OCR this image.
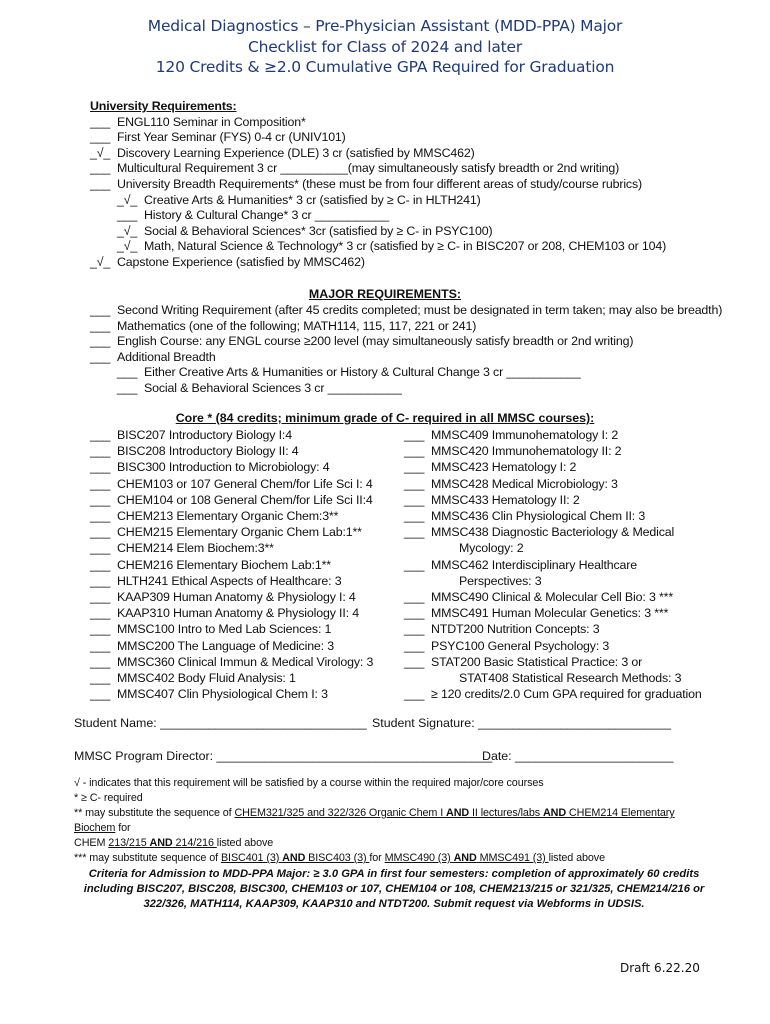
Medical Diagnostics – Pre-Physician Assistant (MDD-PPA) Major
Checklist for Class of 2024 and later
120 Credits & ≥2.0 Cumulative GPA Required for Graduation
University Requirements:
___ ENGL110 Seminar in Composition*
___ First Year Seminar (FYS) 0-4 cr (UNIV101)
_√_ Discovery Learning Experience (DLE) 3 cr (satisfied by MMSC462)
___ Multicultural Requirement 3 cr __________(may simultaneously satisfy breadth or 2nd writing)
___ University Breadth Requirements* (these must be from four different areas of study/course rubrics)
_√_ Creative Arts & Humanities* 3 cr (satisfied by ≥ C- in HLTH241)
___ History & Cultural Change* 3 cr ___________
_√_ Social & Behavioral Sciences* 3cr (satisfied by ≥ C- in PSYC100)
_√_ Math, Natural Science & Technology* 3 cr (satisfied by ≥ C- in BISC207 or 208, CHEM103 or 104)
_√_ Capstone Experience (satisfied by MMSC462)
MAJOR REQUIREMENTS:
___ Second Writing Requirement (after 45 credits completed; must be designated in term taken; may also be breadth)
___ Mathematics (one of the following; MATH114, 115, 117, 221 or 241)
___ English Course: any ENGL course ≥200 level (may simultaneously satisfy breadth or 2nd writing)
___ Additional Breadth
___ Either Creative Arts & Humanities or History & Cultural Change 3 cr ___________
___ Social & Behavioral Sciences 3 cr ___________
Core * (84 credits; minimum grade of C- required in all MMSC courses):
___ BISC207 Introductory Biology I:4
___ BISC208 Introductory Biology II: 4
___ BISC300 Introduction to Microbiology: 4
___ CHEM103 or 107 General Chem/for Life Sci I: 4
___ CHEM104 or 108 General Chem/for Life Sci II:4
___ CHEM213 Elementary Organic Chem:3**
___ CHEM215 Elementary Organic Chem Lab:1**
___ CHEM214 Elem Biochem:3**
___ CHEM216 Elementary Biochem Lab:1**
___ HLTH241 Ethical Aspects of Healthcare: 3
___ KAAP309 Human Anatomy & Physiology I: 4
___ KAAP310 Human Anatomy & Physiology II: 4
___ MMSC100 Intro to Med Lab Sciences: 1
___ MMSC200 The Language of Medicine: 3
___ MMSC360 Clinical Immun & Medical Virology: 3
___ MMSC402 Body Fluid Analysis: 1
___ MMSC407 Clin Physiological Chem I: 3
___ MMSC409 Immunohematology I: 2
___ MMSC420 Immunohematology II: 2
___ MMSC423 Hematology I: 2
___ MMSC428 Medical Microbiology: 3
___ MMSC433 Hematology II: 2
___ MMSC436 Clin Physiological Chem II: 3
___ MMSC438 Diagnostic Bacteriology & Medical
Mycology: 2
___ MMSC462 Interdisciplinary Healthcare
Perspectives: 3
___ MMSC490 Clinical & Molecular Cell Bio: 3 ***
___ MMSC491 Human Molecular Genetics: 3 ***
___ NTDT200 Nutrition Concepts: 3
___ PSYC100 General Psychology: 3
___ STAT200 Basic Statistical Practice: 3 or
STAT408 Statistical Research Methods: 3
___ ≥ 120 credits/2.0 Cum GPA required for graduation
Student Name: ______________________________ Student Signature: ____________________________
MMSC Program Director: ________________________________________
Date: _______________________
√ - indicates that this requirement will be satisfied by a course within the required major/core courses
* ≥ C- required
** may substitute the sequence of CHEM321/325 and 322/326 Organic Chem I AND II lectures/labs AND CHEM214 Elementary Biochem for
CHEM 213/215 AND 214/216 listed above
*** may substitute sequence of BISC401 (3) AND BISC403 (3) for MMSC490 (3) AND MMSC491 (3) listed above
Criteria for Admission to MDD-PPA Major: ≥ 3.0 GPA in first four semesters: completion of approximately 60 credits including BISC207, BISC208, BISC300, CHEM103 or 107, CHEM104 or 108, CHEM213/215 or 321/325, CHEM214/216 or 322/326, MATH114, KAAP309, KAAP310 and NTDT200. Submit request via Webforms in UDSIS.
Draft 6.22.20
